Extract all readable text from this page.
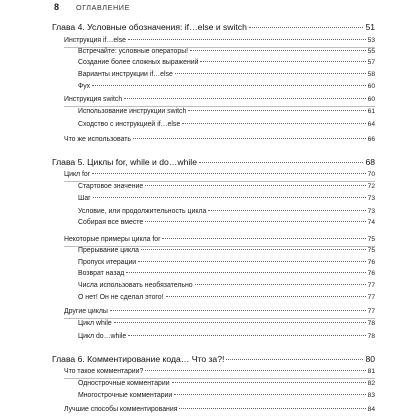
8	ОГЛАВЛЕНИЕ
Глава 4. Условные обозначения: if…else и switch	51
Инструкция if…else	53
Встречайте: условные операторы!	55
Создание более сложных выражений	57
Варианты инструкции if…else	58
Фух	60
Инструкция switch	60
Использование инструкции switch	61
Сходство с инструкцией if…else	64
Что же использовать	66
Глава 5. Циклы for, while и do…while	68
Цикл for	70
Стартовое значение	72
Шаг	73
Условие, или продолжительность цикла	73
Собирая все вместе	74
Некоторые примеры цикла for	75
Прерывание цикла	75
Пропуск итерации	76
Возврат назад	76
Числа использовать необязательно	77
О нет! Он не сделал этого!	77
Другие циклы	77
Цикл while	78
Цикл do…while	78
Глава 6. Комментирование кода… Что за?!	80
Что такое комментарии?	81
Однострочные комментарии	82
Многострочные комментарии	83
Лучшие способы комментирования	84
